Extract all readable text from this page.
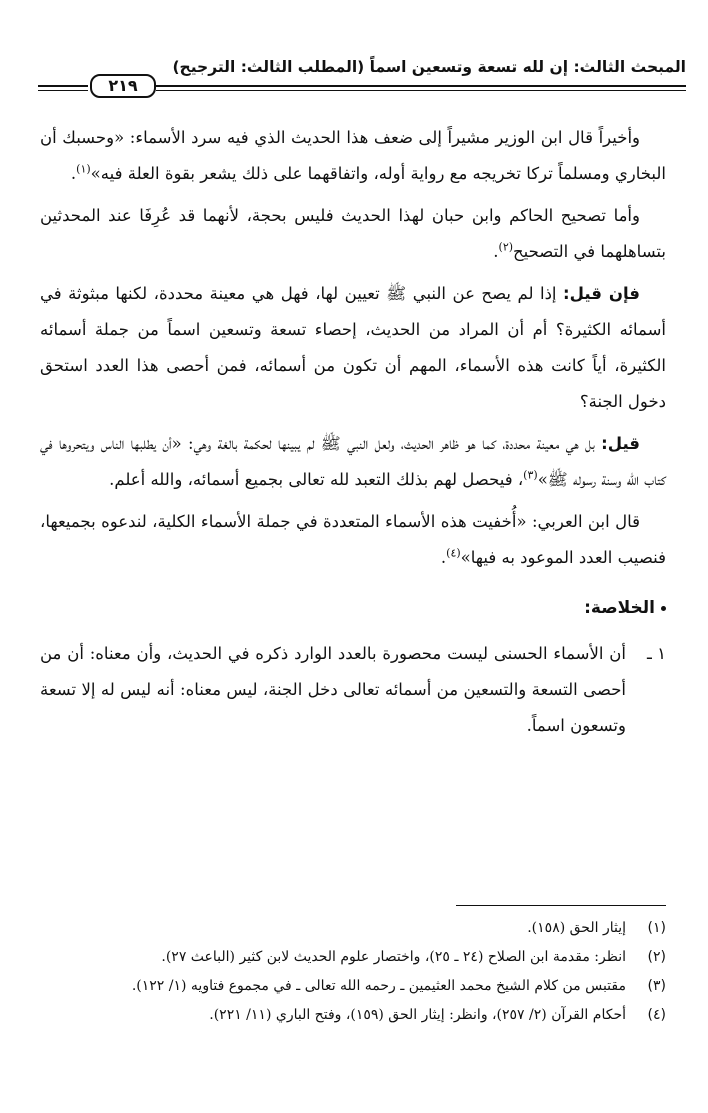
المبحث الثالث: إن لله تسعة وتسعين اسماً (المطلب الثالث: الترجيح)
٢١٩

وأخيراً قال ابن الوزير مشيراً إلى ضعف هذا الحديث الذي فيه سرد الأسماء: «وحسبك أن البخاري ومسلماً تركا تخريجه مع رواية أوله، واتفاقهما على ذلك يشعر بقوة العلة فيه»$^{(١)}$.

وأما تصحيح الحاكم وابن حبان لهذا الحديث فليس بحجة، لأنهما قد عُرِفَا عند المحدثين بتساهلهما في التصحيح$^{(٢)}$.

فإن قيل: إذا لم يصح عن النبي ﷺ تعيين لها، فهل هي معينة محددة، لكنها مبثوثة في أسمائه الكثيرة؟ أم أن المراد من الحديث، إحصاء تسعة وتسعين اسماً من جملة أسمائه الكثيرة، أياً كانت هذه الأسماء، المهم أن تكون من أسمائه، فمن أحصى هذا العدد استحق دخول الجنة؟

قيل: بل هي معينة محددة، كما هو ظاهر الحديث، ولعل النبي ﷺ لم يبينها لحكمة بالغة وهي: «أن يطلبها الناس ويتحروها في كتاب الله وسنة رسوله ﷺ»$^{(٣)}$، فيحصل لهم بذلك التعبد لله تعالى بجميع أسمائه، والله أعلم.

قال ابن العربي: «أُخفيت هذه الأسماء المتعددة في جملة الأسماء الكلية، لندعوه بجميعها، فنصيب العدد الموعود به فيها»$^{(٤)}$.

الخلاصة:
١ ـ
أن الأسماء الحسنى ليست محصورة بالعدد الوارد ذكره في الحديث، وأن معناه: أن من أحصى التسعة والتسعين من أسمائه تعالى دخل الجنة، ليس معناه: أنه ليس له إلا تسعة وتسعون اسماً.
(١)
إيثار الحق (١٥٨).
(٢)
انظر: مقدمة ابن الصلاح (٢٤ ـ ٢٥)، واختصار علوم الحديث لابن كثير (الباعث ٢٧).
(٣)
مقتبس من كلام الشيخ محمد العثيمين ـ رحمه الله تعالى ـ في مجموع فتاويه (١/ ١٢٢).
(٤)
أحكام القرآن (٢/ ٢٥٧)، وانظر: إيثار الحق (١٥٩)، وفتح الباري (١١/ ٢٢١).
